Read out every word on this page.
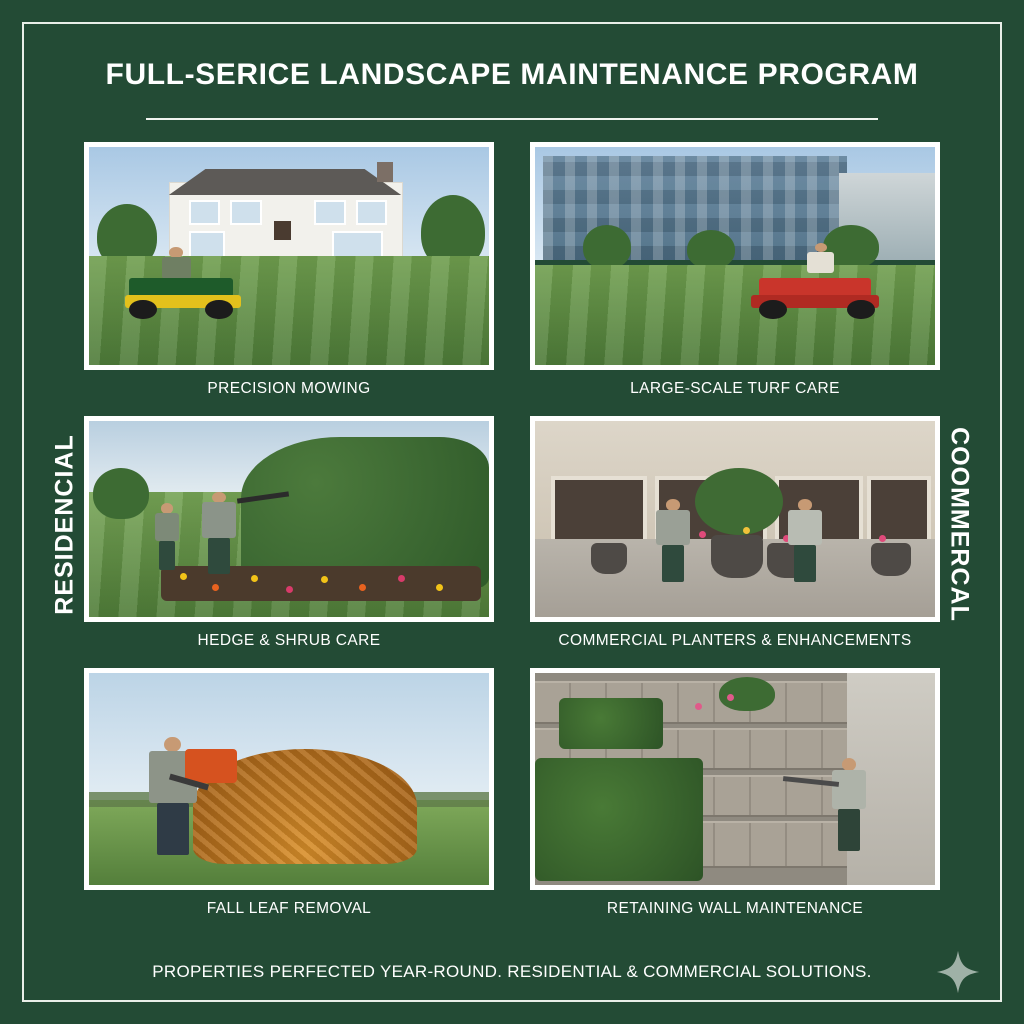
FULL-SERICE LANDSCAPE MAINTENANCE PROGRAM
RESIDENCIAL	COOMMERCAL
PRECISION MOWING
HEDGE & SHRUB CARE
FALL LEAF REMOVAL
LARGE-SCALE TURF CARE
COMMERCIAL PLANTERS & ENHANCEMENTS
RETAINING WALL MAINTENANCE
PROPERTIES PERFECTED YEAR-ROUND. RESIDENTIAL & COMMERCIAL SOLUTIONS.
